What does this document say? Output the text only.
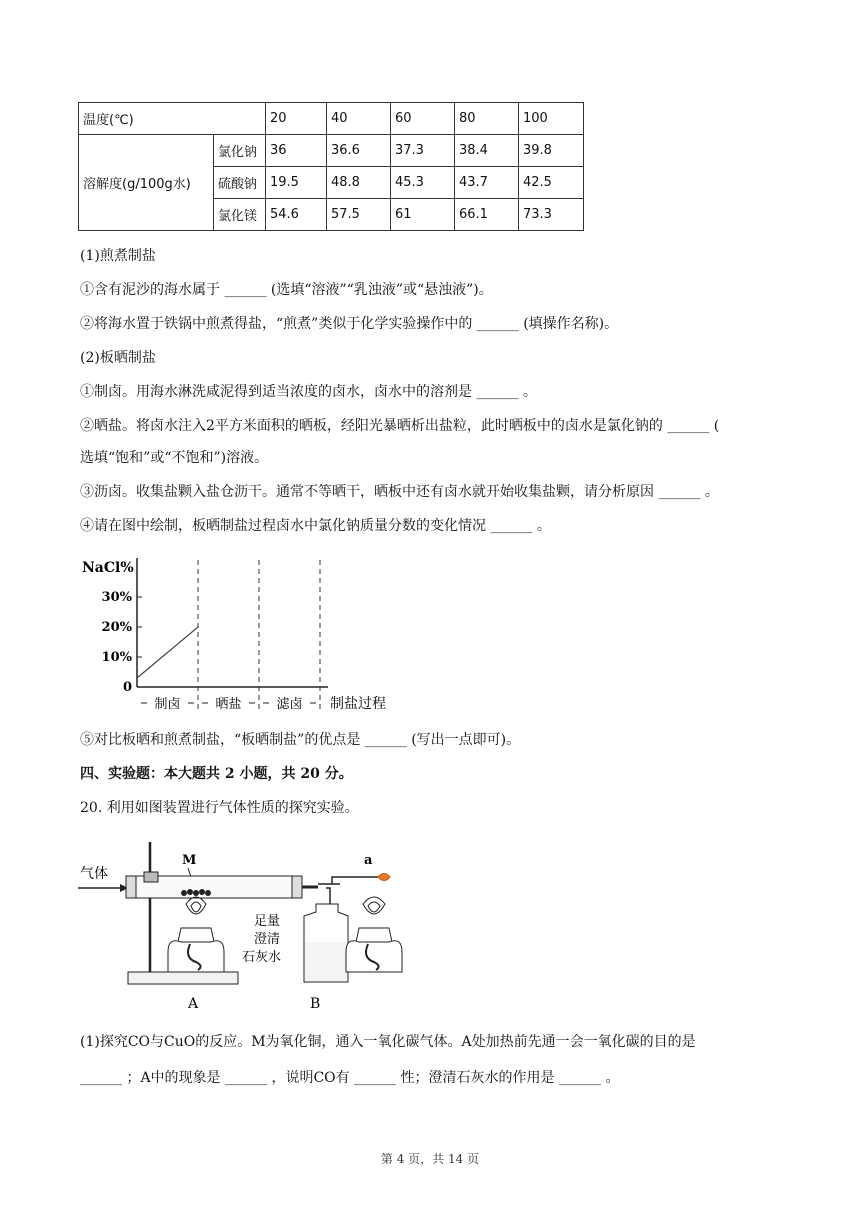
温度(℃)		20	40	60	80	100
溶解度(g/100g水)	氯化钠	36	36.6	37.3	38.4	39.8
	硫酸钠	19.5	48.8	45.3	43.7	42.5
	氯化镁	54.6	57.5	61	66.1	73.3
(1)煎煮制盐
①含有泥沙的海水属于 ______ (选填“溶液”“乳浊液”或“悬浊液”)。
②将海水置于铁锅中煎煮得盐，“煎煮”类似于化学实验操作中的 ______ (填操作名称)。
(2)板晒制盐
①制卤。用海水淋洗咸泥得到适当浓度的卤水，卤水中的溶剂是 ______ 。
②晒盐。将卤水注入2平方米面积的晒板，经阳光暴晒析出盐粒，此时晒板中的卤水是氯化钠的 ______ (
选填“饱和”或“不饱和”)溶液。
③沥卤。收集盐颗入盐仓沥干。通常不等晒干，晒板中还有卤水就开始收集盐颗，请分析原因 ______ 。
④请在图中绘制，板晒制盐过程卤水中氯化钠质量分数的变化情况 ______ 。
NaCl%
0
10%
20%
30%
制卤	晒盐	滤卤 制盐过程
⑤对比板晒和煎煮制盐，“板晒制盐”的优点是 ______ (写出一点即可)。
四、实验题：本大题共 2 小题，共 20 分。
20. 利用如图装置进行气体性质的探究实验。
气体
M
A
足量
澄清
石灰水
B
a
(1)探究CO与CuO的反应。M为氧化铜，通入一氧化碳气体。A处加热前先通一会一氧化碳的目的是
______ ；A中的现象是 ______ ，说明CO有 ______ 性；澄清石灰水的作用是 ______ 。
第 4 页，共 14 页
